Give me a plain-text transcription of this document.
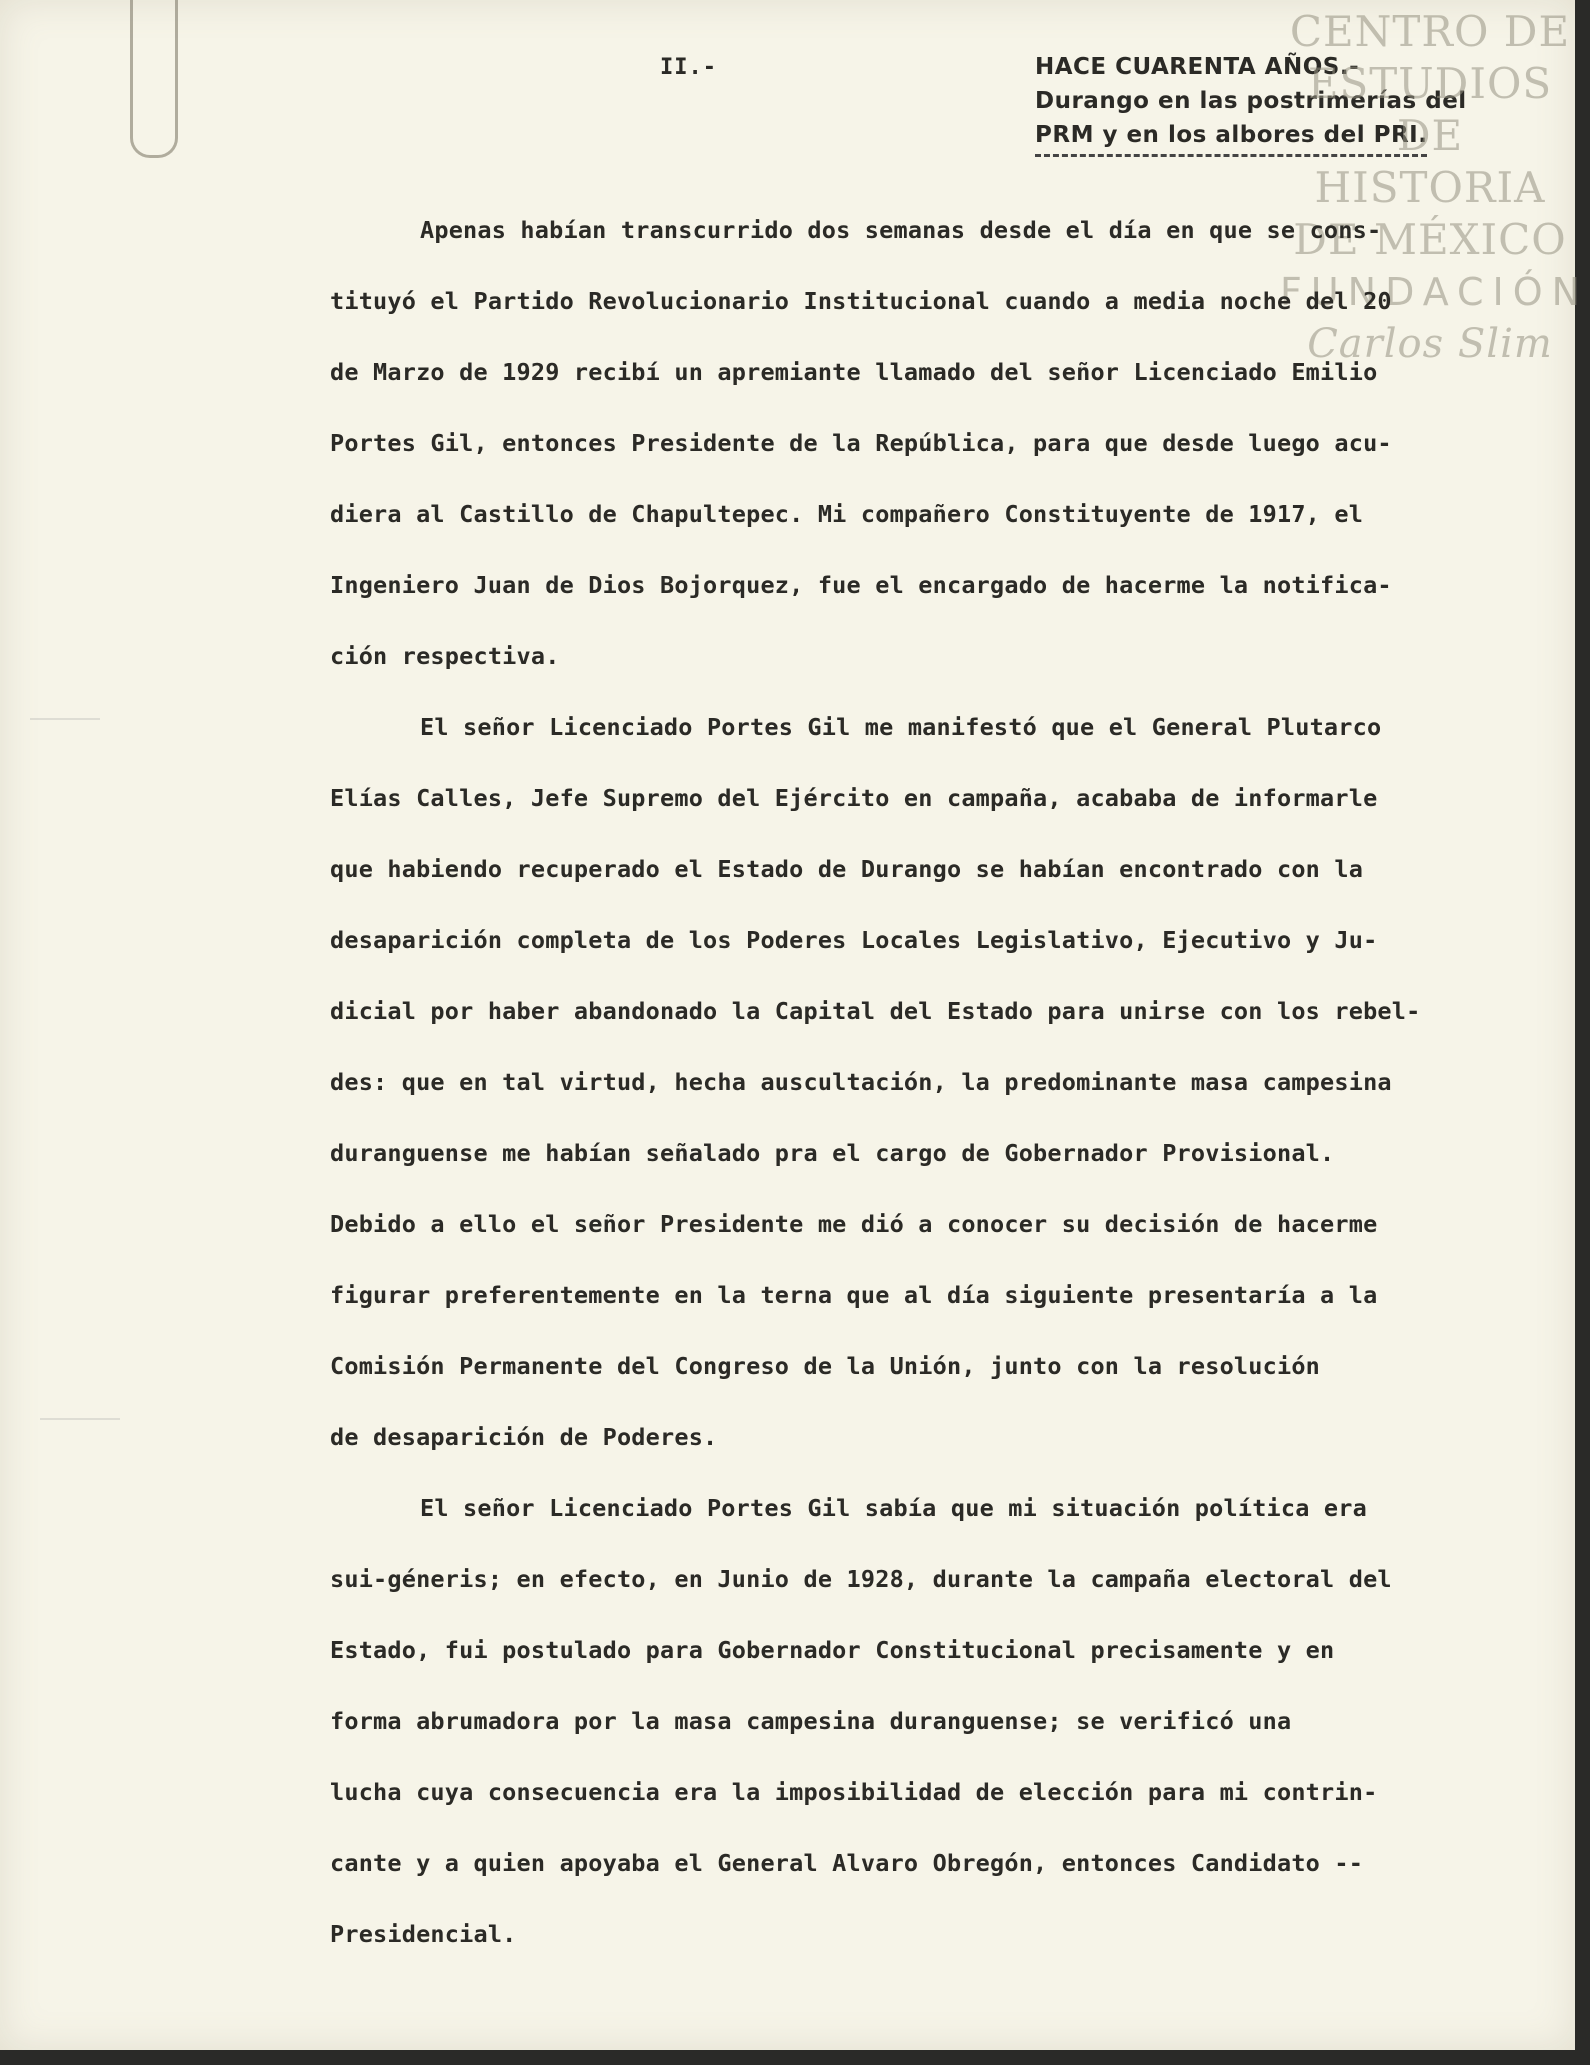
II.-	HACE CUARENTA AÑOS.-
Durango en las postrimerías del
PRM y en los albores del PRI.
CENTRO DE
ESTUDIOS
DE HISTORIA
DE MÉXICO
FUNDACIÓN
Carlos Slim
Apenas habían transcurrido dos semanas desde el día en que se cons-
tituyó el Partido Revolucionario Institucional cuando a media noche del 20
de Marzo de 1929 recibí un apremiante llamado del señor Licenciado Emilio
Portes Gil, entonces Presidente de la República, para que desde luego acu-
diera al Castillo de Chapultepec. Mi compañero Constituyente de 1917, el
Ingeniero Juan de Dios Bojorquez, fue el encargado de hacerme la notifica-
ción respectiva.
El señor Licenciado Portes Gil me manifestó que el General Plutarco
Elías Calles, Jefe Supremo del Ejército en campaña, acababa de informarle
que habiendo recuperado el Estado de Durango se habían encontrado con la
desaparición completa de los Poderes Locales Legislativo, Ejecutivo y Ju-
dicial por haber abandonado la Capital del Estado para unirse con los rebel-
des: que en tal virtud, hecha auscultación, la predominante masa campesina
duranguense me habían señalado pra el cargo de Gobernador Provisional.
Debido a ello el señor Presidente me dió a conocer su decisión de hacerme
figurar preferentemente en la terna que al día siguiente presentaría a la
Comisión Permanente del Congreso de la Unión, junto con la resolución
de desaparición de Poderes.
El señor Licenciado Portes Gil sabía que mi situación política era
sui-géneris; en efecto, en Junio de 1928, durante la campaña electoral del
Estado, fui postulado para Gobernador Constitucional precisamente y en
forma abrumadora por la masa campesina duranguense; se verificó una
lucha cuya consecuencia era la imposibilidad de elección para mi contrin-
cante y a quien apoyaba el General Alvaro Obregón, entonces Candidato --
Presidencial.
